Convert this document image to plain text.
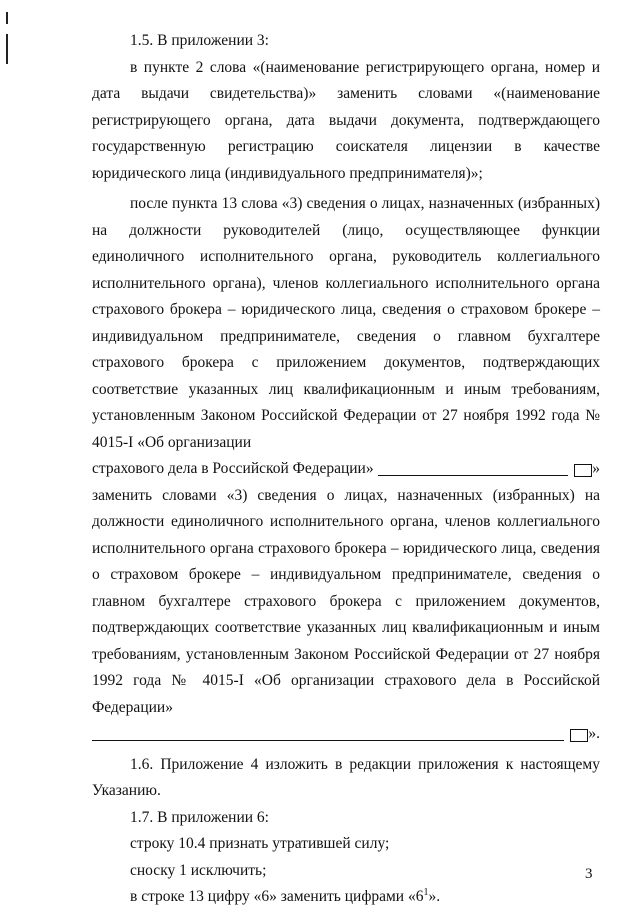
1.5. В приложении 3:

в пункте 2 слова «(наименование регистрирующего органа, номер и дата выдачи свидетельства)» заменить словами «(наименование регистрирующего органа, дата выдачи документа, подтверждающего государственную регистрацию соискателя лицензии в качестве юридического лица (индивидуального предпринимателя)»;

после пункта 13 слова «3) сведения о лицах, назначенных (избранных) на должности руководителей (лицо, осуществляющее функции единоличного исполнительного органа, руководитель коллегиального исполнительного органа), членов коллегиального исполнительного органа страхового брокера – юридического лица, сведения о страховом брокере – индивидуальном предпринимателе, сведения о главном бухгалтере страхового брокера с приложением документов, подтверждающих соответствие указанных лиц квалификационным и иным требованиям, установленным Законом Российской Федерации от 27 ноября 1992 года № 4015-I «Об организации

страхового дела в Российской Федерации»	»

заменить словами «3) сведения о лицах, назначенных (избранных) на должности единоличного исполнительного органа, членов коллегиального исполнительного органа страхового брокера – юридического лица, сведения о страховом брокере – индивидуальном предпринимателе, сведения о главном бухгалтере страхового брокера с приложением документов, подтверждающих соответствие указанных лиц квалификационным и иным требованиям, установленным Законом Российской Федерации от 27 ноября 1992 года № 4015-I «Об организации страхового дела в Российской Федерации»

».

1.6. Приложение 4 изложить в редакции приложения к настоящему Указанию.

1.7. В приложении 6:

строку 10.4 признать утратившей силу;

сноску 1 исключить;

в строке 13 цифру «6» заменить цифрами «$6^1$».

3
